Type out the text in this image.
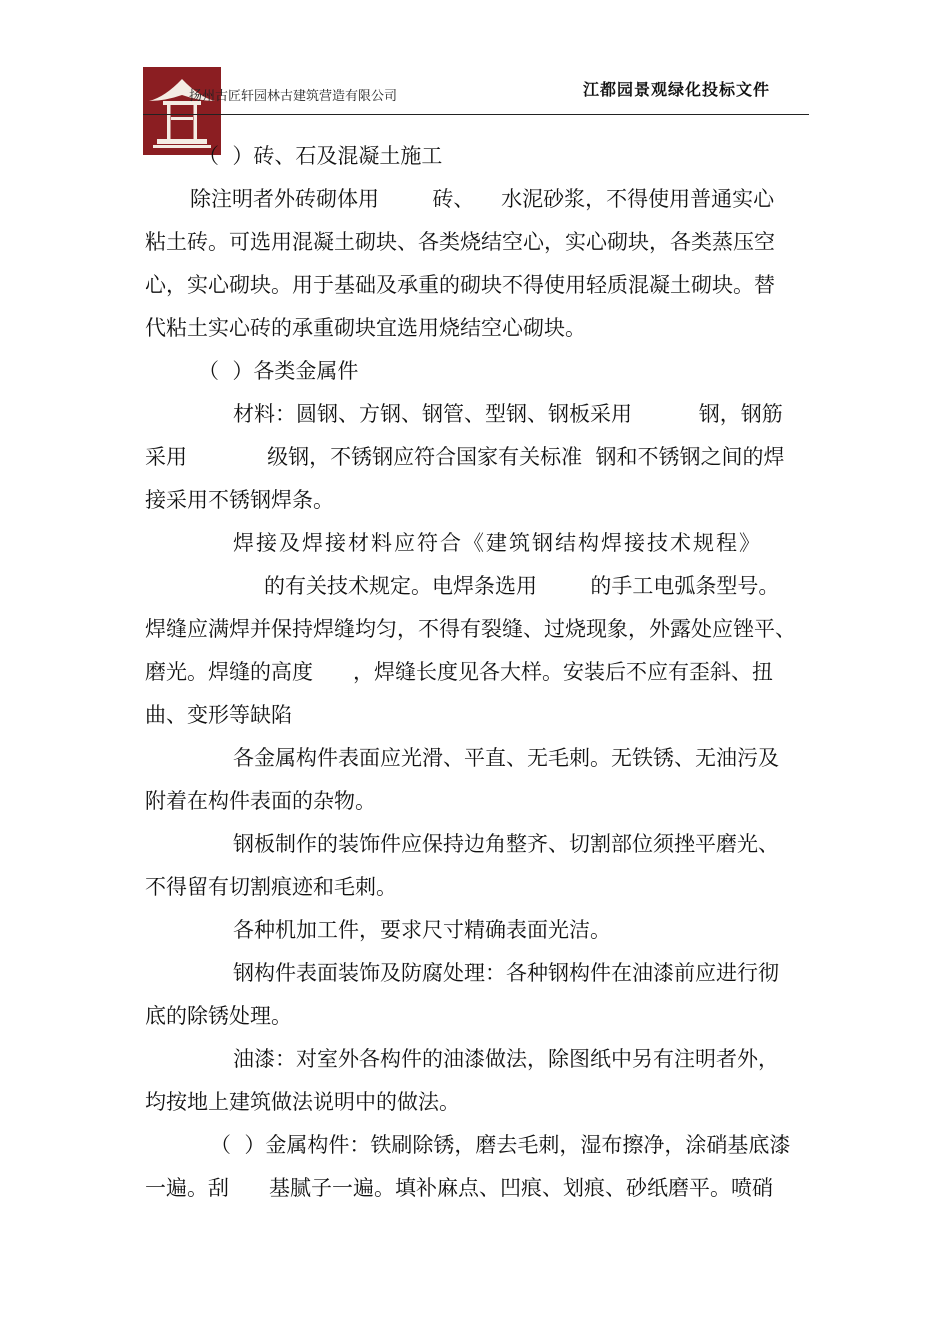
扬州古匠轩园林古建筑营造有限公司	江都园景观绿化投标文件
（  ）砖、石及混凝土施工
除注明者外砖砌体用        砖、    水泥砂浆，不得使用普通实心
粘土砖。可选用混凝土砌块、各类烧结空心，实心砌块，各类蒸压空
心，实心砌块。用于基础及承重的砌块不得使用轻质混凝土砌块。替
代粘土实心砖的承重砌块宜选用烧结空心砌块。
（  ）各类金属件
材料：圆钢、方钢、钢管、型钢、钢板采用          钢，钢筋
采用            级钢，不锈钢应符合国家有关标准  钢和不锈钢之间的焊
接采用不锈钢焊条。
焊接及焊接材料应符合《建筑钢结构焊接技术规程》
的有关技术规定。电焊条选用        的手工电弧条型号。
焊缝应满焊并保持焊缝均匀，不得有裂缝、过烧现象，外露处应锉平、
磨光。焊缝的高度      ，焊缝长度见各大样。安装后不应有歪斜、扭
曲、变形等缺陷
各金属构件表面应光滑、平直、无毛刺。无铁锈、无油污及
附着在构件表面的杂物。
钢板制作的装饰件应保持边角整齐、切割部位须挫平磨光、
不得留有切割痕迹和毛刺。
各种机加工件，要求尺寸精确表面光洁。
钢构件表面装饰及防腐处理：各种钢构件在油漆前应进行彻
底的除锈处理。
油漆：对室外各构件的油漆做法，除图纸中另有注明者外，
均按地上建筑做法说明中的做法。
（  ）金属构件：铁刷除锈，磨去毛刺，湿布擦净，涂硝基底漆
一遍。刮      基腻子一遍。填补麻点、凹痕、划痕、砂纸磨平。喷硝
